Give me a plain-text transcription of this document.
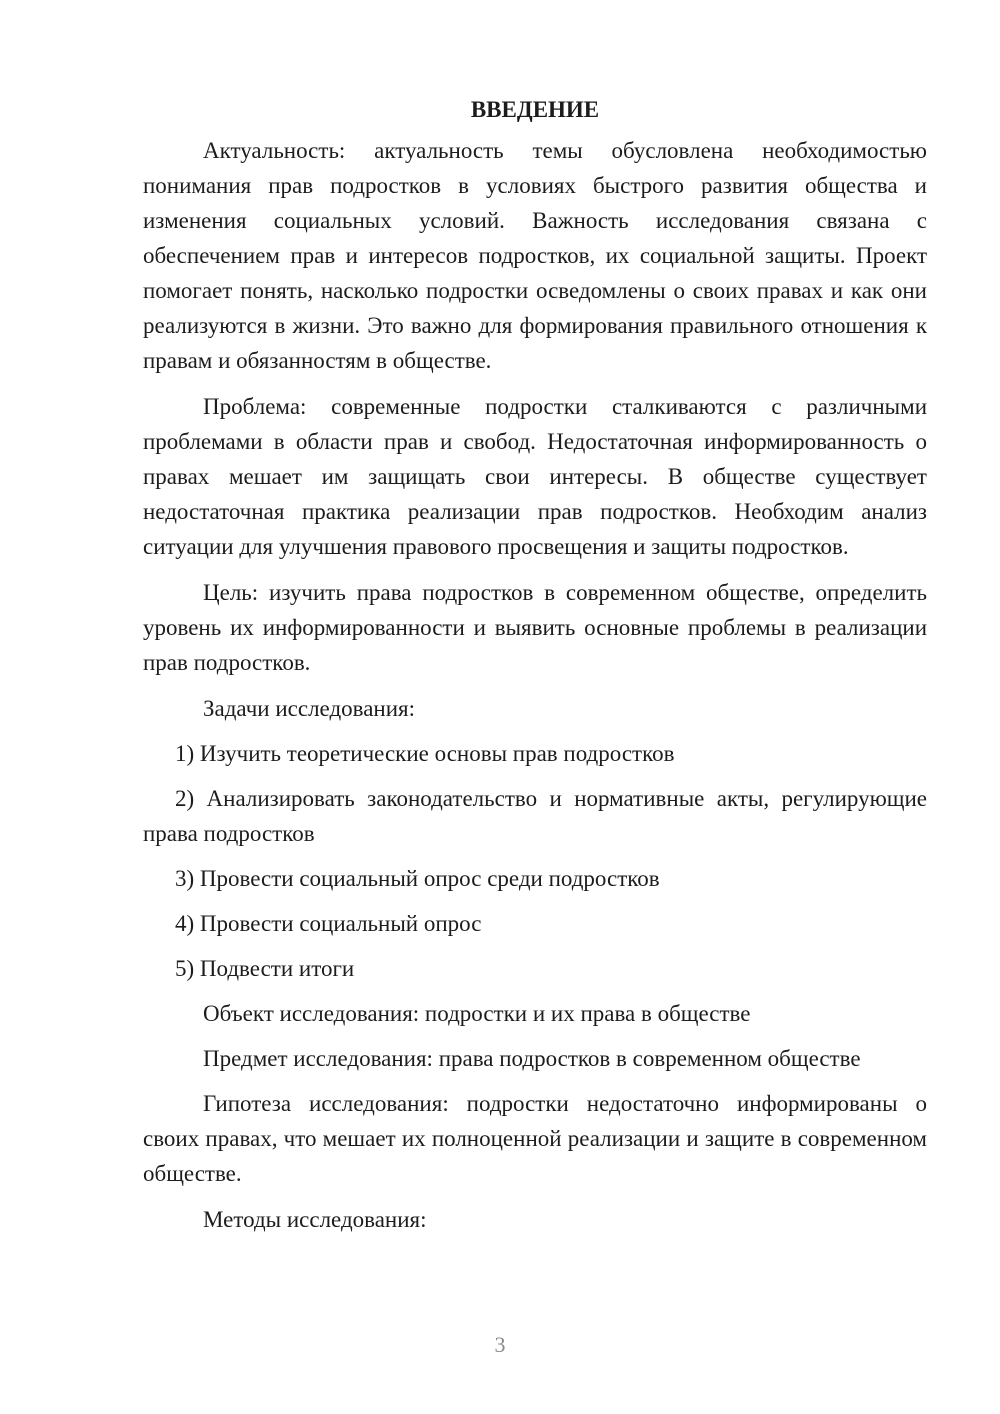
ВВЕДЕНИЕ

Актуальность: актуальность темы обусловлена необходимостью понимания прав подростков в условиях быстрого развития общества и изменения социальных условий. Важность исследования связана с обеспечением прав и интересов подростков, их социальной защиты. Проект помогает понять, насколько подростки осведомлены о своих правах и как они реализуются в жизни. Это важно для формирования правильного отношения к правам и обязанностям в обществе.

Проблема: современные подростки сталкиваются с различными проблемами в области прав и свобод. Недостаточная информированность о правах мешает им защищать свои интересы. В обществе существует недостаточная практика реализации прав подростков. Необходим анализ ситуации для улучшения правового просвещения и защиты подростков.

Цель: изучить права подростков в современном обществе, определить уровень их информированности и выявить основные проблемы в реализации прав подростков.

Задачи исследования:

1) Изучить теоретические основы прав подростков

2) Анализировать законодательство и нормативные акты, регулирующие права подростков

3) Провести социальный опрос среди подростков

4) Провести социальный опрос

5) Подвести итоги

Объект исследования: подростки и их права в обществе

Предмет исследования: права подростков в современном обществе

Гипотеза исследования: подростки недостаточно информированы о своих правах, что мешает их полноценной реализации и защите в современном обществе.

Методы исследования:

3
